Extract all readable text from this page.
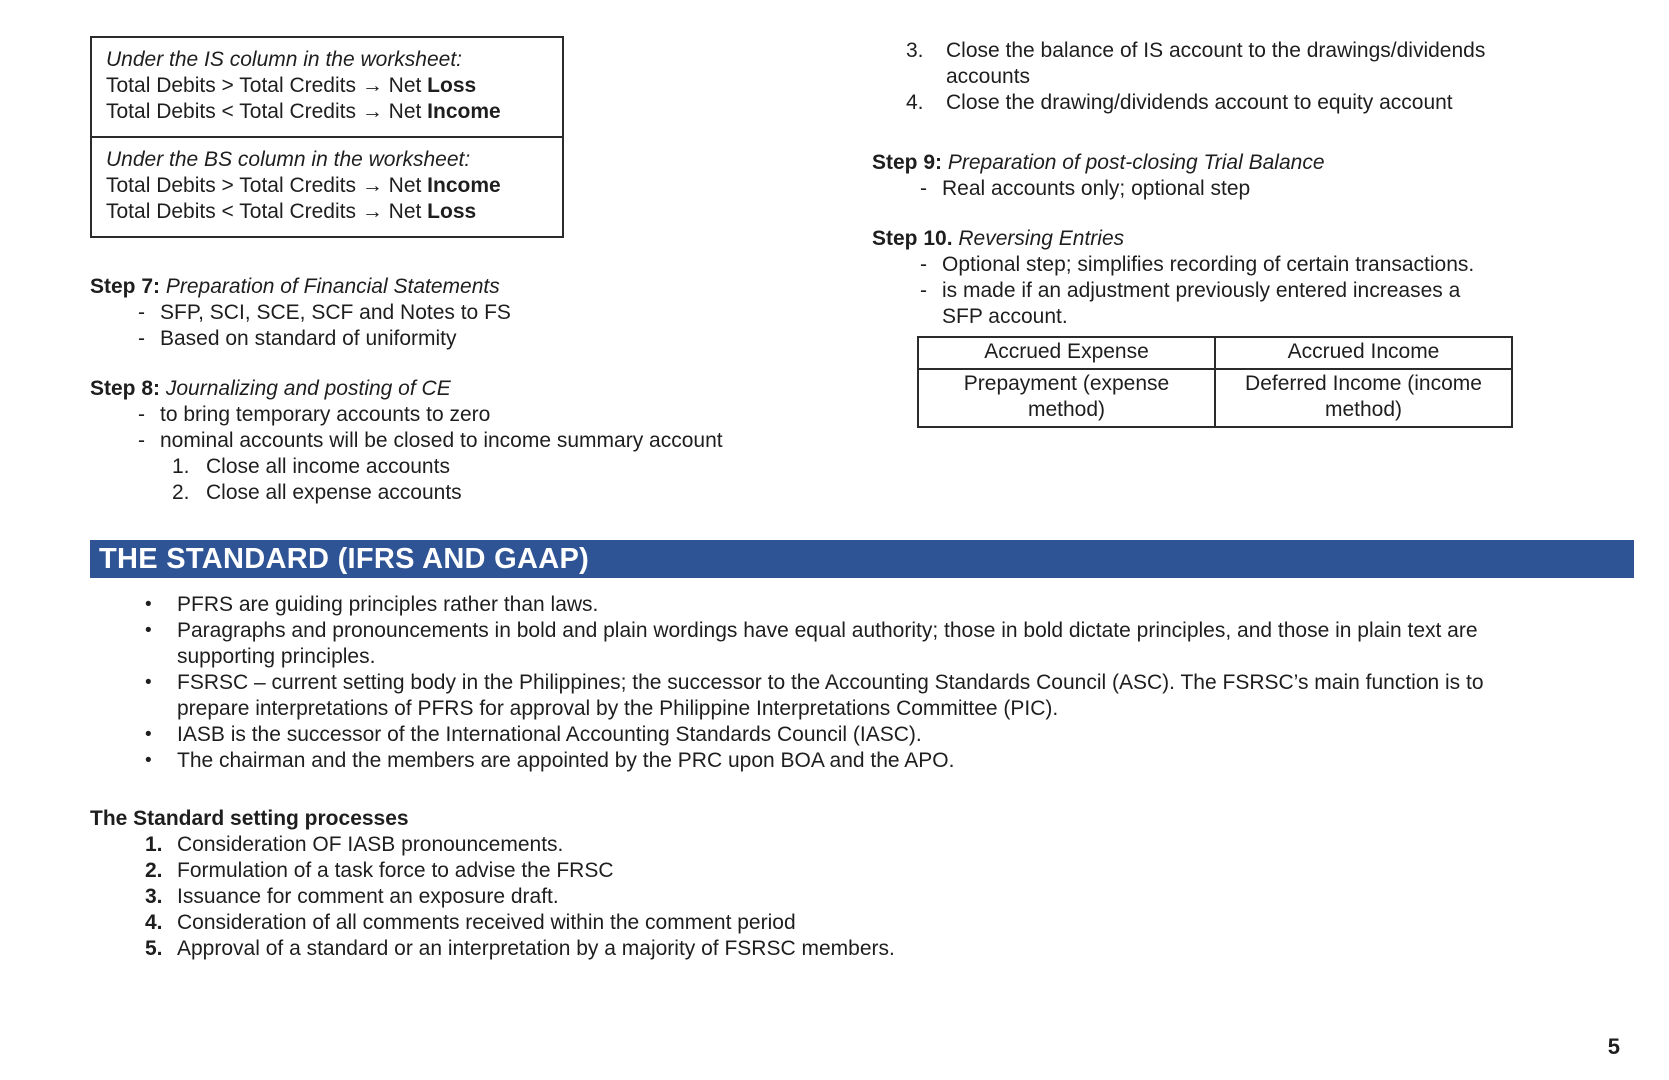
Under the IS column in the worksheet:
Total Debits > Total Credits → Net Loss
Total Debits < Total Credits → Net Income
Under the BS column in the worksheet:
Total Debits > Total Credits → Net Income
Total Debits < Total Credits → Net Loss
Step 7: Preparation of Financial Statements
- SFP, SCI, SCE, SCF and Notes to FS
- Based on standard of uniformity
Step 8: Journalizing and posting of CE
- to bring temporary accounts to zero
- nominal accounts will be closed to income summary account
1. Close all income accounts
2. Close all expense accounts
3.	Close the balance of IS account to the drawings/dividends accounts
4.	Close the drawing/dividends account to equity account
Step 9: Preparation of post-closing Trial Balance
- Real accounts only; optional step
Step 10. Reversing Entries
- Optional step; simplifies recording of certain transactions.
- is made if an adjustment previously entered increases a SFP account.
Accrued Expense	Accrued Income
Prepayment (expense method)	Deferred Income (income method)
THE STANDARD (IFRS AND GAAP)
•	PFRS are guiding principles rather than laws.
•	Paragraphs and pronouncements in bold and plain wordings have equal authority; those in bold dictate principles, and those in plain text are supporting principles.
•	FSRSC – current setting body in the Philippines; the successor to the Accounting Standards Council (ASC). The FSRSC’s main function is to prepare interpretations of PFRS for approval by the Philippine Interpretations Committee (PIC).
•	IASB is the successor of the International Accounting Standards Council (IASC).
•	The chairman and the members are appointed by the PRC upon BOA and the APO.
The Standard setting processes
1. Consideration OF IASB pronouncements.
2. Formulation of a task force to advise the FRSC
3. Issuance for comment an exposure draft.
4. Consideration of all comments received within the comment period
5. Approval of a standard or an interpretation by a majority of FSRSC members.
5
